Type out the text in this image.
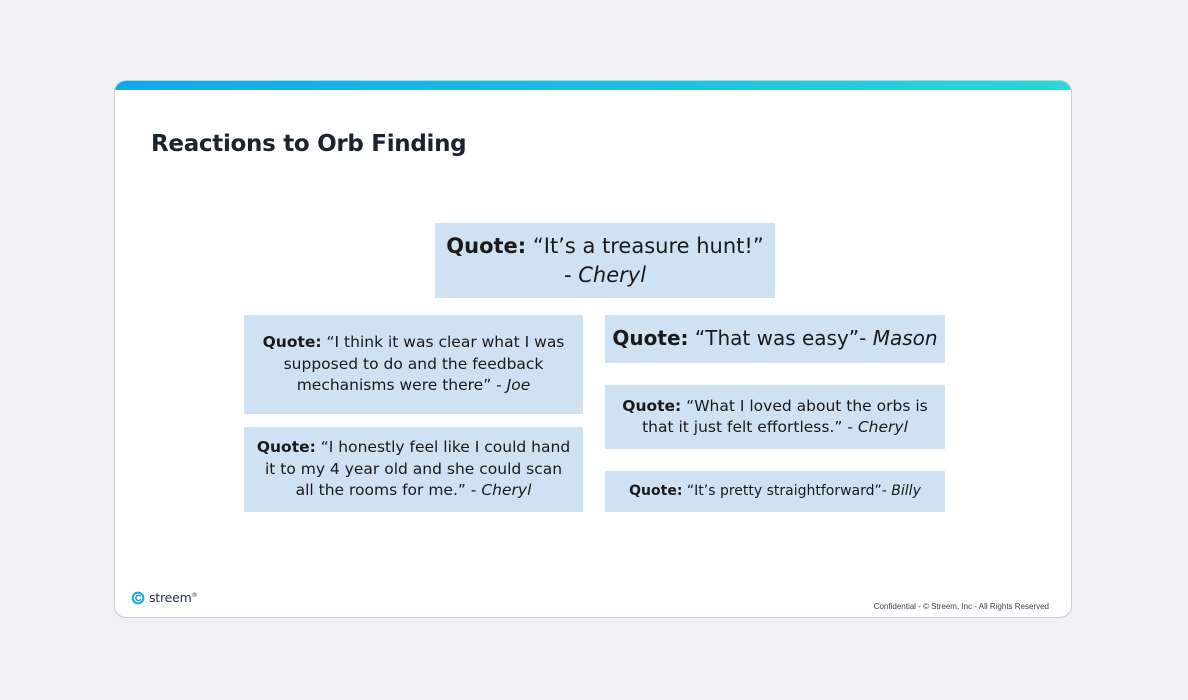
Reactions to Orb Finding
Quote: “It’s a treasure hunt!” - Cheryl
Quote: “I think it was clear what I was supposed to do and the feedback mechanisms were there” - Joe
Quote: “I honestly feel like I could hand it to my 4 year old and she could scan all the rooms for me.” - Cheryl
Quote: “That was easy”- Mason
Quote: “What I loved about the orbs is that it just felt effortless.” - Cheryl
Quote: “It’s pretty straightforward”- Billy
streem®
Confidential - © Streem, Inc - All Rights Reserved
